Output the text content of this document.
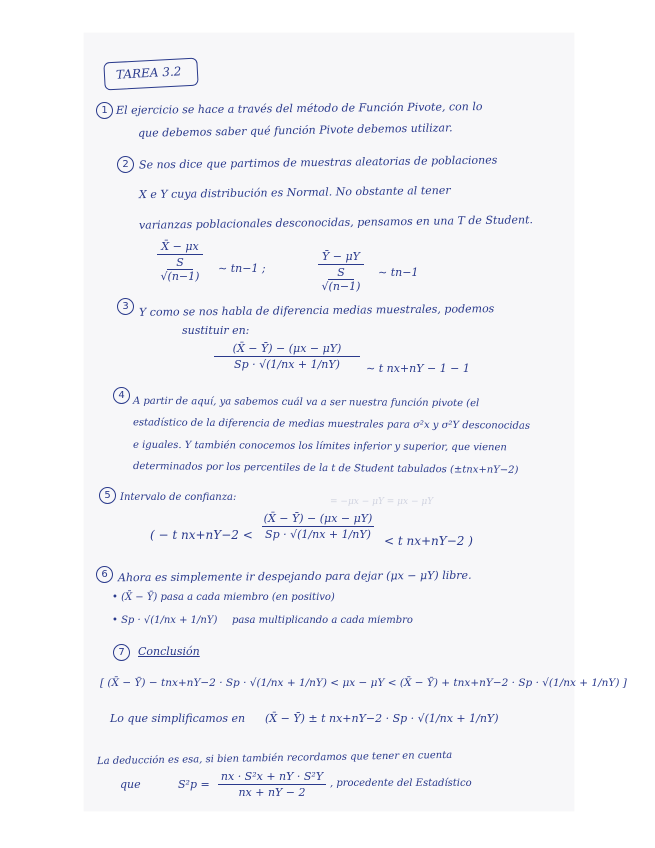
TAREA 3.2
1 El ejercicio se hace a través del método de Función Pivote, con lo
que debemos saber qué función Pivote debemos utilizar.
2 Se nos dice que partimos de muestras aleatorias de poblaciones
X e Y cuya distribución es Normal. No obstante al tener
varianzas poblacionales desconocidas, pensamos en una T de Student.
X̄ − μx
S
√(n−1)
∼ tn−1 ;
Ȳ − μY
S
√(n−1)
∼ tn−1
3 Y como se nos habla de diferencia medias muestrales, podemos
sustituir en:
(X̄ − Ȳ) − (μx − μY)
Sp · √(1/nx + 1/nY)	∼ t nx+nY − 1 − 1
4
A partir de aquí, ya sabemos cuál va a ser nuestra función pivote (el
estadístico de la diferencia de medias muestrales para σ²x y σ²Y desconocidas
e iguales. Y también conocemos los límites inferior y superior, que vienen
determinados por los percentiles de la t de Student tabulados (±tnx+nY−2)
5 Intervalo de confianza:	= −μx − μY = μx − μY
( − t nx+nY−2 <
(X̄ − Ȳ) − (μx − μY)
Sp · √(1/nx + 1/nY) < t nx+nY−2 )
6 Ahora es simplemente ir despejando para dejar (μx − μY) libre.
• (X̄ − Ȳ) pasa a cada miembro (en positivo)
• Sp · √(1/nx + 1/nY) pasa multiplicando a cada miembro
7	Conclusión
[ (X̄ − Ȳ) − tnx+nY−2 · Sp · √(1/nx + 1/nY) < μx − μY < (X̄ − Ȳ) + tnx+nY−2 · Sp · √(1/nx + 1/nY) ]
Lo que simplificamos en (X̄ − Ȳ) ± t nx+nY−2 · Sp · √(1/nx + 1/nY)
La deducción es esa, si bien también recordamos que tener en cuenta
que	S²p =
nx · S²x + nY · S²Y
nx + nY − 2
, procedente del Estadístico
